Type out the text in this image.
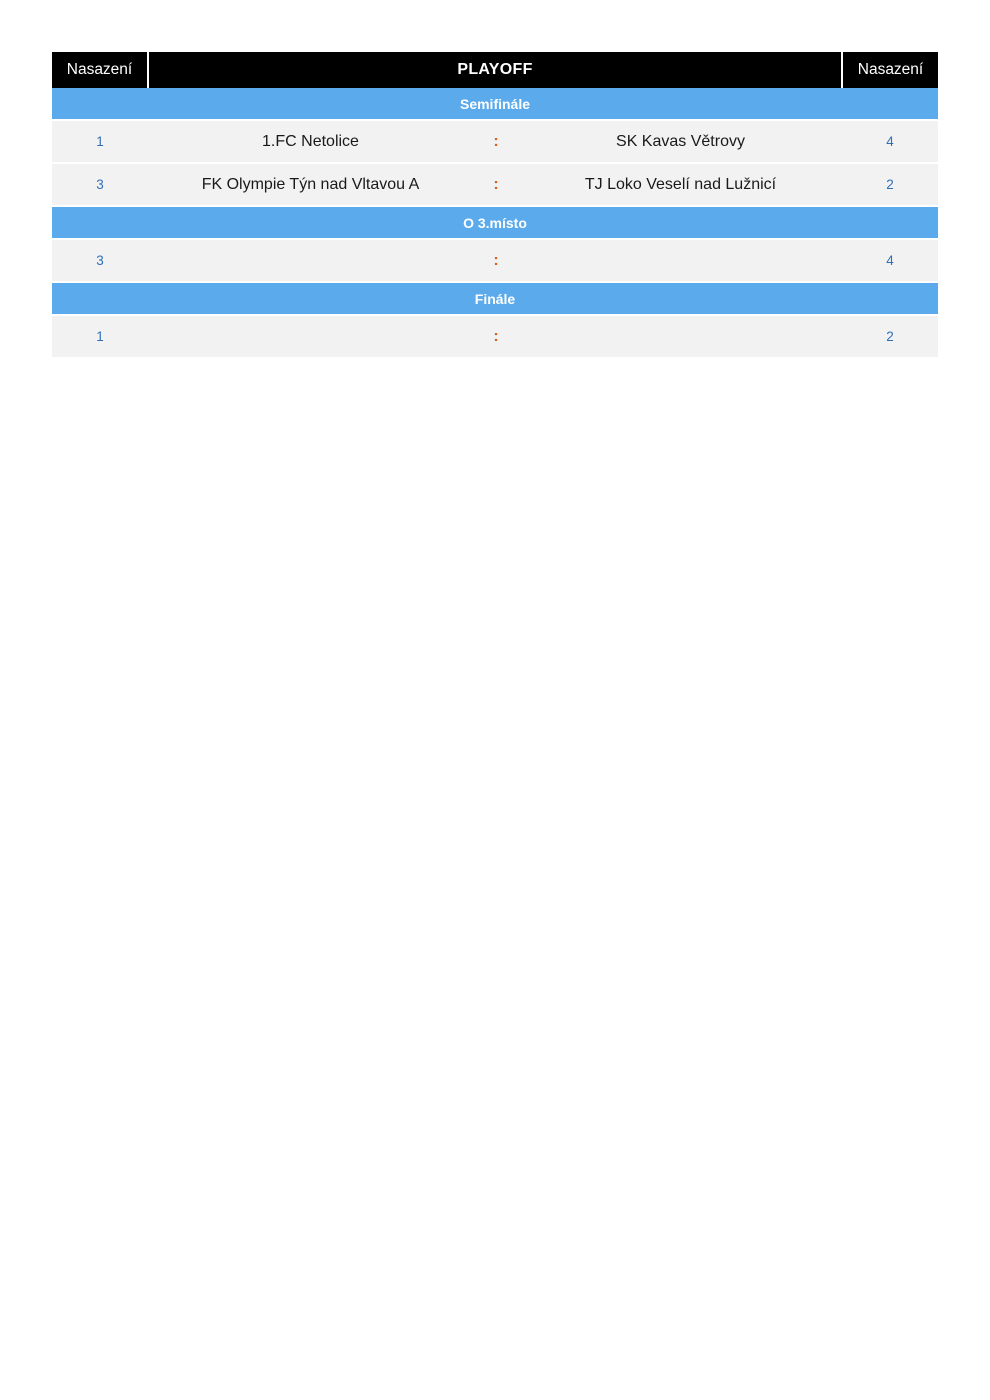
Nasazení	PLAYOFF			Nasazení
Semifinále				
1	1.FC Netolice	:	SK Kavas Větrovy	4
3	FK Olympie Týn nad Vltavou A	:	TJ Loko Veselí nad Lužnicí	2
O 3.místo				
3		:		4
Finále				
1		:		2
